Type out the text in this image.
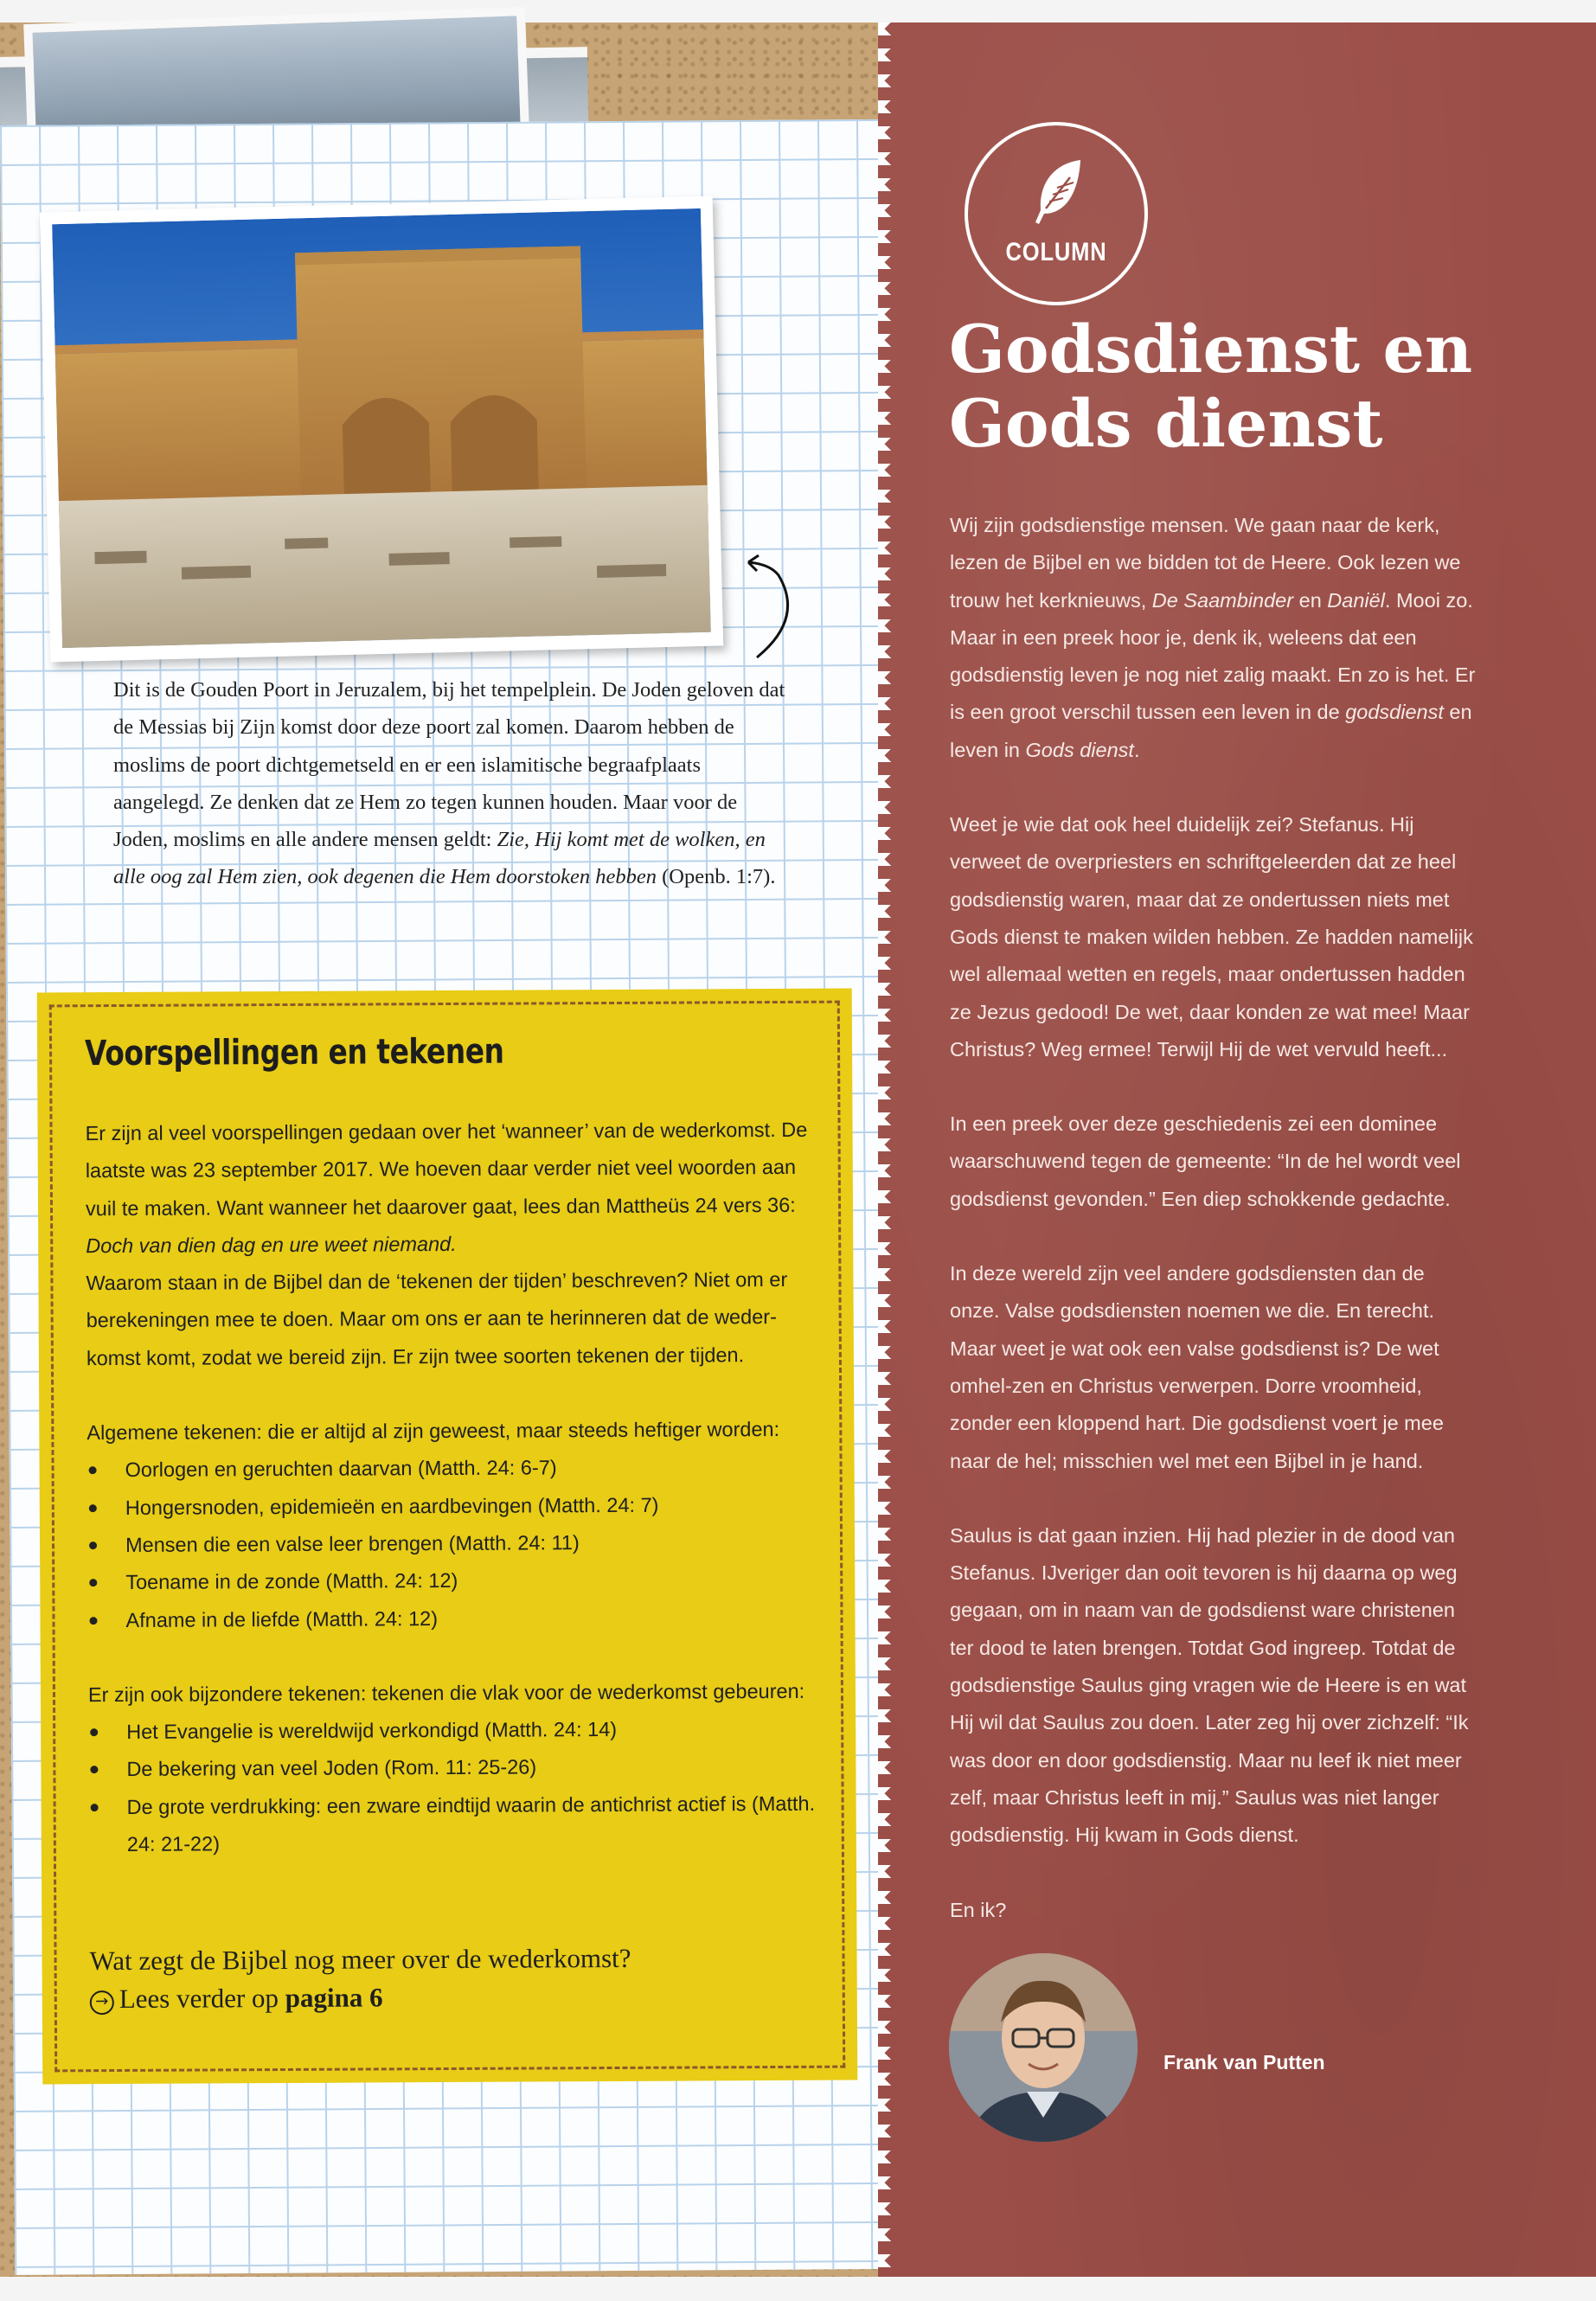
Dit is de Gouden Poort in Jeruzalem, bij het tempelplein. De Joden geloven dat de Messias bij Zijn komst door deze poort zal komen. Daarom hebben de moslims de poort dichtgemetseld en er een islamitische begraafplaats aangelegd. Ze denken dat ze Hem zo tegen kunnen houden. Maar voor de Joden, moslims en alle andere mensen geldt: Zie, Hij komt met de wolken, en alle oog zal Hem zien, ook degenen die Hem doorstoken hebben (Openb. 1:7).
Voorspellingen en tekenen

Er zijn al veel voorspellingen gedaan over het ‘wanneer’ van de wederkomst. De laatste was 23 september 2017. We hoeven daar verder niet veel woorden aan vuil te maken. Want wanneer het daarover gaat, lees dan Mattheüs 24 vers 36: Doch van dien dag en ure weet niemand.
Waarom staan in de Bijbel dan de ‘tekenen der tijden’ beschreven? Niet om er berekeningen mee te doen. Maar om ons er aan te herinneren dat de weder-komst komt, zodat we bereid zijn. Er zijn twee soorten tekenen der tijden.

Algemene tekenen: die er altijd al zijn geweest, maar steeds heftiger worden:
Oorlogen en geruchten daarvan (Matth. 24: 6-7)
Hongersnoden, epidemieën en aardbevingen (Matth. 24: 7)
Mensen die een valse leer brengen (Matth. 24: 11)
Toename in de zonde (Matth. 24: 12)
Afname in de liefde (Matth. 24: 12)
Er zijn ook bijzondere tekenen: tekenen die vlak voor de wederkomst gebeuren:
Het Evangelie is wereldwijd verkondigd (Matth. 24: 14)
De bekering van veel Joden (Rom. 11: 25-26)
De grote verdrukking: een zware eindtijd waarin de antichrist actief is (Matth. 24: 21-22)
Wat zegt de Bijbel nog meer over de wederkomst?
→ Lees verder op pagina 6
COLUMN
Godsdienst en
Gods dienst

Wij zijn godsdienstige mensen. We gaan naar de kerk, lezen de Bijbel en we bidden tot de Heere. Ook lezen we trouw het kerknieuws, De Saambinder en Daniël. Mooi zo. Maar in een preek hoor je, denk ik, weleens dat een godsdienstig leven je nog niet zalig maakt. En zo is het. Er is een groot verschil tussen een leven in de godsdienst en leven in Gods dienst.

Weet je wie dat ook heel duidelijk zei? Stefanus. Hij verweet de overpriesters en schriftgeleerden dat ze heel godsdienstig waren, maar dat ze ondertussen niets met Gods dienst te maken wilden hebben. Ze hadden namelijk wel allemaal wetten en regels, maar ondertussen hadden ze Jezus gedood! De wet, daar konden ze wat mee! Maar Christus? Weg ermee! Terwijl Hij de wet vervuld heeft...

In een preek over deze geschiedenis zei een dominee waarschuwend tegen de gemeente: “In de hel wordt veel godsdienst gevonden.” Een diep schokkende gedachte.

In deze wereld zijn veel andere godsdiensten dan de onze. Valse godsdiensten noemen we die. En terecht. Maar weet je wat ook een valse godsdienst is? De wet omhel-zen en Christus verwerpen. Dorre vroomheid, zonder een kloppend hart. Die godsdienst voert je mee naar de hel; misschien wel met een Bijbel in je hand.

Saulus is dat gaan inzien. Hij had plezier in de dood van Stefanus. IJveriger dan ooit tevoren is hij daarna op weg gegaan, om in naam van de godsdienst ware christenen ter dood te laten brengen. Totdat God ingreep. Totdat de godsdienstige Saulus ging vragen wie de Heere is en wat Hij wil dat Saulus zou doen. Later zeg hij over zichzelf: “Ik was door en door godsdienstig. Maar nu leef ik niet meer zelf, maar Christus leeft in mij.” Saulus was niet langer godsdienstig. Hij kwam in Gods dienst.

En ik?

Frank van Putten
